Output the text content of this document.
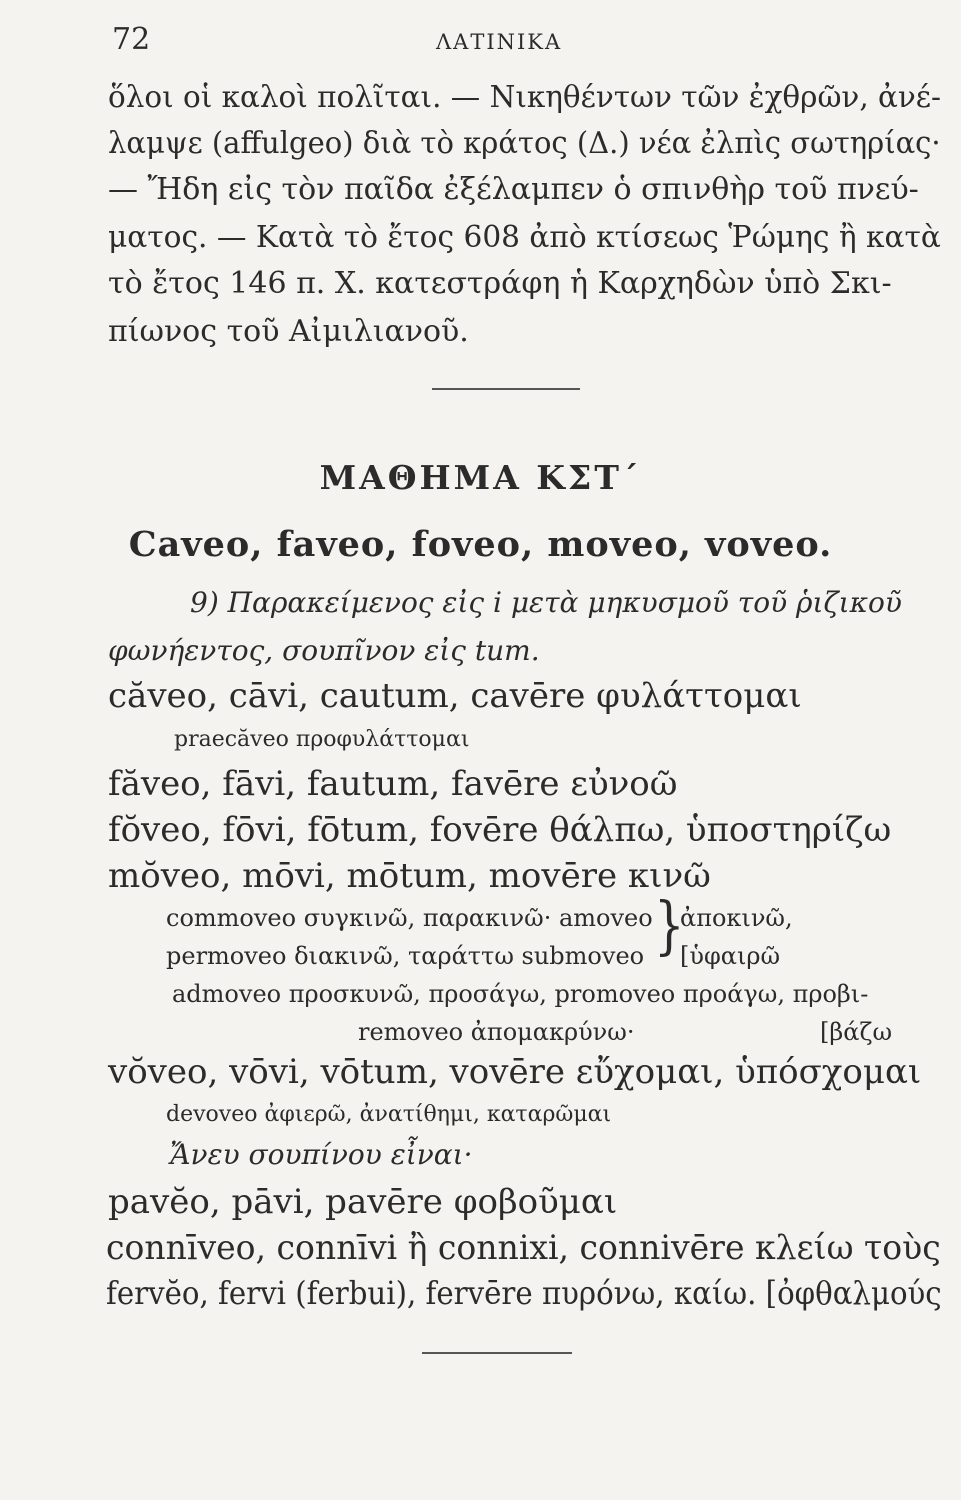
72	ΛΑΤΙΝΙΚΑ
ὅλοι οἱ καλοὶ πολῖται. — Νικηθέντων τῶν ἐχθρῶν, ἀνέ-
λαμψε (affulgeo) διὰ τὸ κράτος (Δ.) νέα ἐλπὶς σωτηρίας·
— Ἤδη εἰς τὸν παῖδα ἐξέλαμπεν ὁ σπινθὴρ τοῦ πνεύ-
ματος. — Κατὰ τὸ ἔτος 608 ἀπὸ κτίσεως Ῥώμης ἢ κατὰ
τὸ ἔτος 146 π. Χ. κατεστράφη ἡ Καρχηδὼν ὑπὸ Σκι-
πίωνος τοῦ Αἰμιλιανοῦ.
ΜΑΘΗΜΑ ΚΣΤ΄
Caveo, faveo, foveo, moveo, voveo.
9) Παρακείμενος εἰς i μετὰ μηκυσμοῦ τοῦ ῥιζικοῦ
φωνήεντος, σουπῖνον εἰς tum.
căveo, cāvi, cautum, cavēre φυλάττομαι
praecăveo προφυλάττομαι
făveo, fāvi, fautum, favēre εὐνοῶ
fŏveo, fōvi, fōtum, fovēre θάλπω, ὑποστηρίζω
mŏveo, mōvi, mōtum, movēre κινῶ
commoveo συγκινῶ, παρακινῶ· amoveo ἀποκινῶ,
permoveo διακινῶ, ταράττω submoveo [ὑφαιρῶ
}
admoveo προσκυνῶ, προσάγω, promoveo προάγω, προβι-
removeo ἀπομακρύνω·	[βάζω
vŏveo, vōvi, vōtum, vovēre εὔχομαι, ὑπόσχομαι
devoveo ἀφιερῶ, ἀνατίθημι, καταρῶμαι
Ἄνευ σουπίνου εἶναι·
pavĕo, pāvi, pavēre φοβοῦμαι
connīveo, connīvi ἢ connixi, connivēre κλείω τοὺς
fervĕo, fervi (ferbui), fervēre πυρόνω, καίω. [ὀφθαλμούς
